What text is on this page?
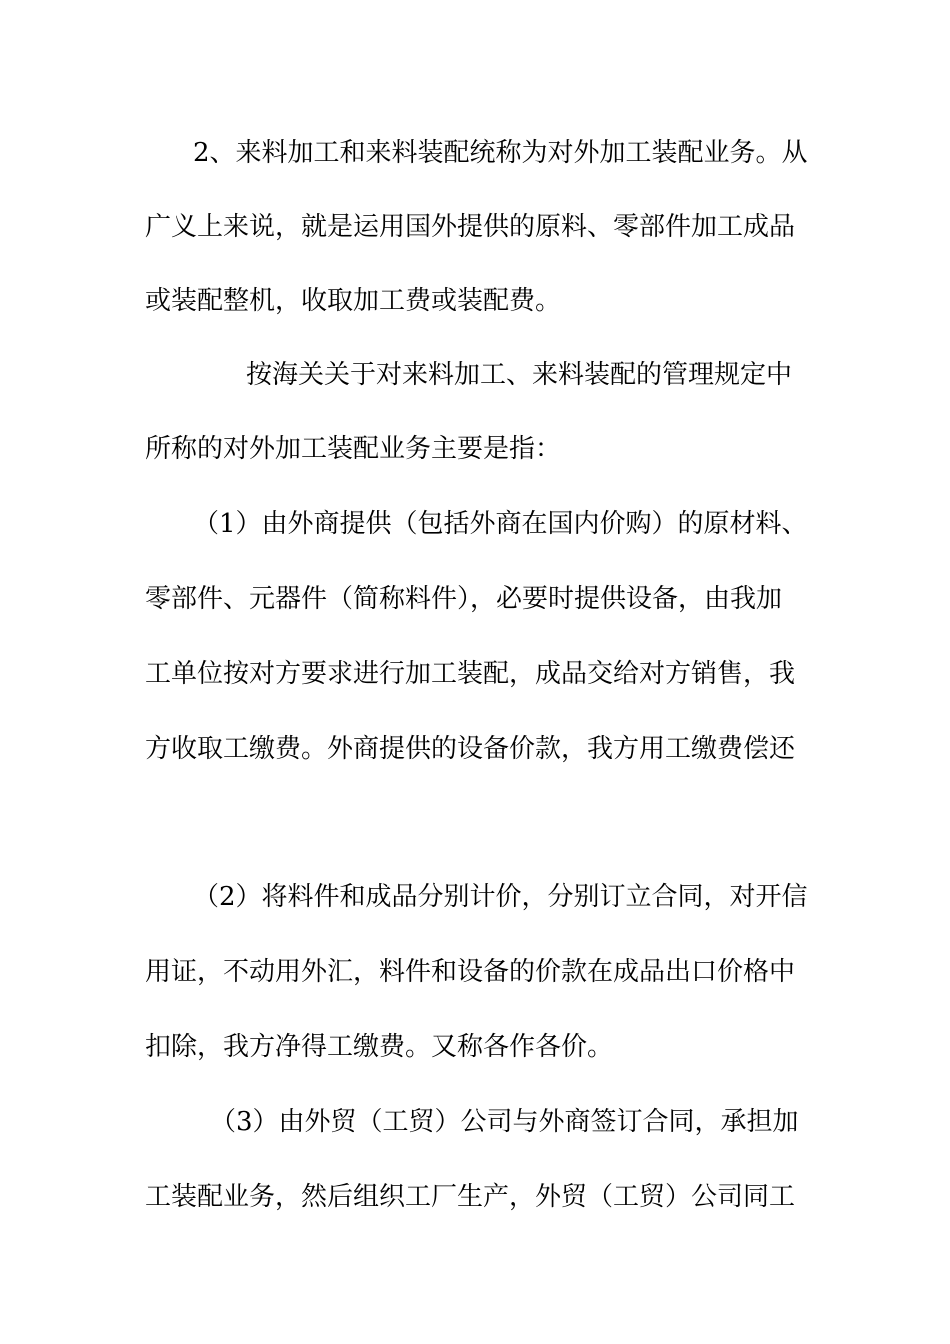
2、来料加工和来料装配统称为对外加工装配业务。从
广义上来说，就是运用国外提供的原料、零部件加工成品
或装配整机，收取加工费或装配费。
按海关关于对来料加工、来料装配的管理规定中
所称的对外加工装配业务主要是指：
（1）由外商提供（包括外商在国内价购）的原材料、
零部件、元器件（简称料件），必要时提供设备，由我加
工单位按对方要求进行加工装配，成品交给对方销售，我
方收取工缴费。外商提供的设备价款，我方用工缴费偿还
（2）将料件和成品分别计价，分别订立合同，对开信
用证，不动用外汇，料件和设备的价款在成品出口价格中
扣除，我方净得工缴费。又称各作各价。
（3）由外贸（工贸）公司与外商签订合同，承担加
工装配业务，然后组织工厂生产，外贸（工贸）公司同工
